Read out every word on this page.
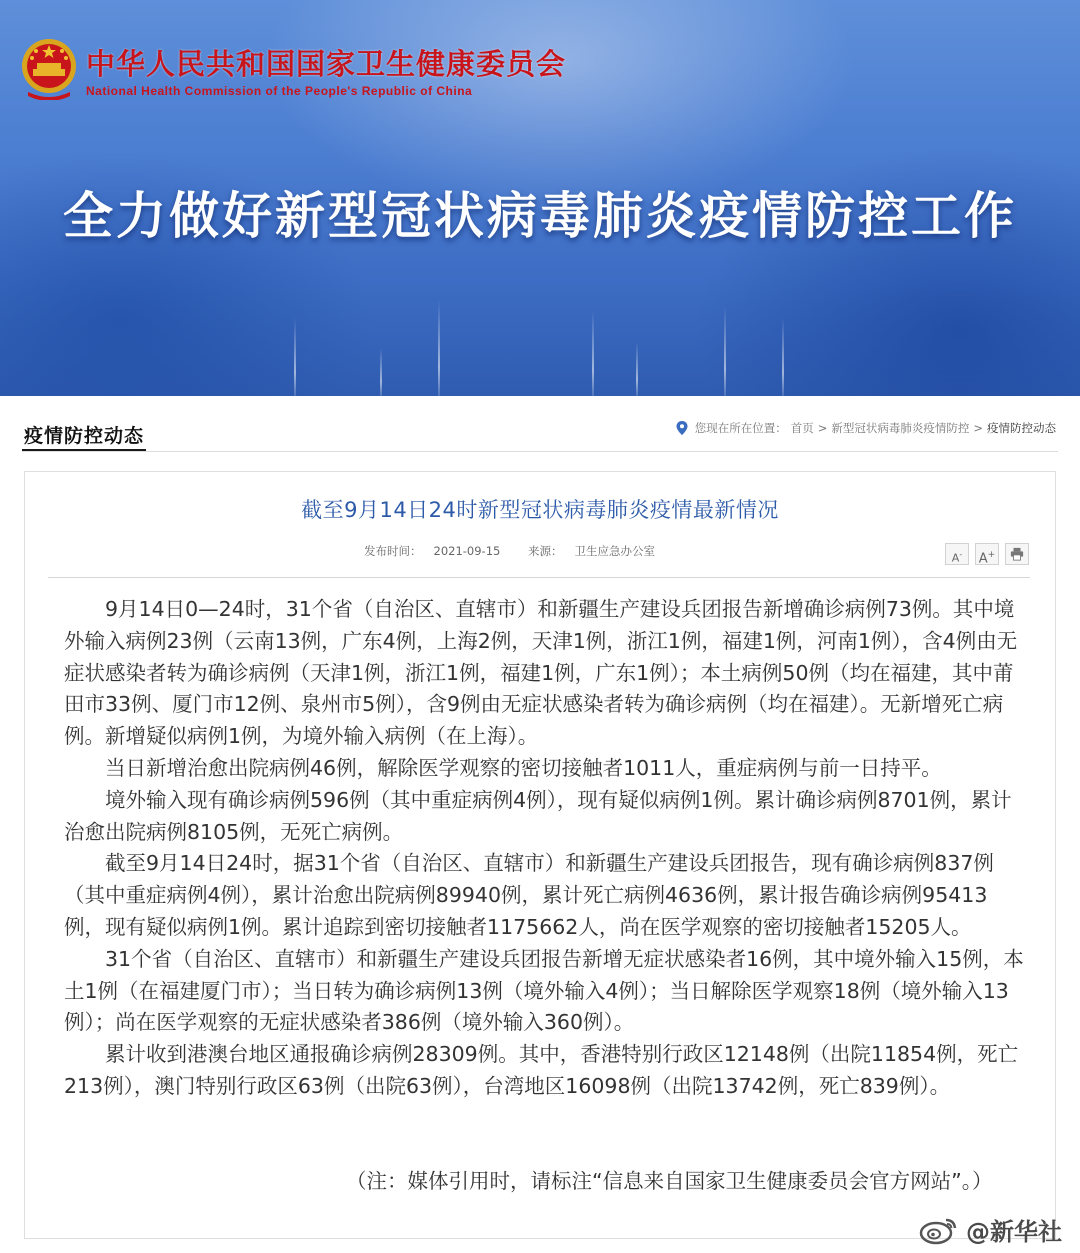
中华人民共和国国家卫生健康委员会
National Health Commission of the People's Republic of China
全力做好新型冠状病毒肺炎疫情防控工作
疫情防控动态	您现在所在位置： 首页 > 新型冠状病毒肺炎疫情防控 > 疫情防控动态
截至9月14日24时新型冠状病毒肺炎疫情最新情况
发布时间： 2021-09-15 来源： 卫生应急办公室
A-	A+

9月14日0—24时，31个省（自治区、直辖市）和新疆生产建设兵团报告新增确诊病例73例。其中境外输入病例23例（云南13例，广东4例，上海2例，天津1例，浙江1例，福建1例，河南1例），含4例由无症状感染者转为确诊病例（天津1例，浙江1例，福建1例，广东1例）；本土病例50例（均在福建，其中莆田市33例、厦门市12例、泉州市5例），含9例由无症状感染者转为确诊病例（均在福建）。无新增死亡病例。新增疑似病例1例，为境外输入病例（在上海）。

当日新增治愈出院病例46例，解除医学观察的密切接触者1011人，重症病例与前一日持平。

境外输入现有确诊病例596例（其中重症病例4例），现有疑似病例1例。累计确诊病例8701例，累计治愈出院病例8105例，无死亡病例。

截至9月14日24时，据31个省（自治区、直辖市）和新疆生产建设兵团报告，现有确诊病例837例（其中重症病例4例），累计治愈出院病例89940例，累计死亡病例4636例，累计报告确诊病例95413例，现有疑似病例1例。累计追踪到密切接触者1175662人，尚在医学观察的密切接触者15205人。

31个省（自治区、直辖市）和新疆生产建设兵团报告新增无症状感染者16例，其中境外输入15例，本土1例（在福建厦门市）；当日转为确诊病例13例（境外输入4例）；当日解除医学观察18例（境外输入13例）；尚在医学观察的无症状感染者386例（境外输入360例）。

累计收到港澳台地区通报确诊病例28309例。其中，香港特别行政区12148例（出院11854例，死亡213例），澳门特别行政区63例（出院63例），台湾地区16098例（出院13742例，死亡839例）。

（注：媒体引用时，请标注“信息来自国家卫生健康委员会官方网站”。）
@新华社
